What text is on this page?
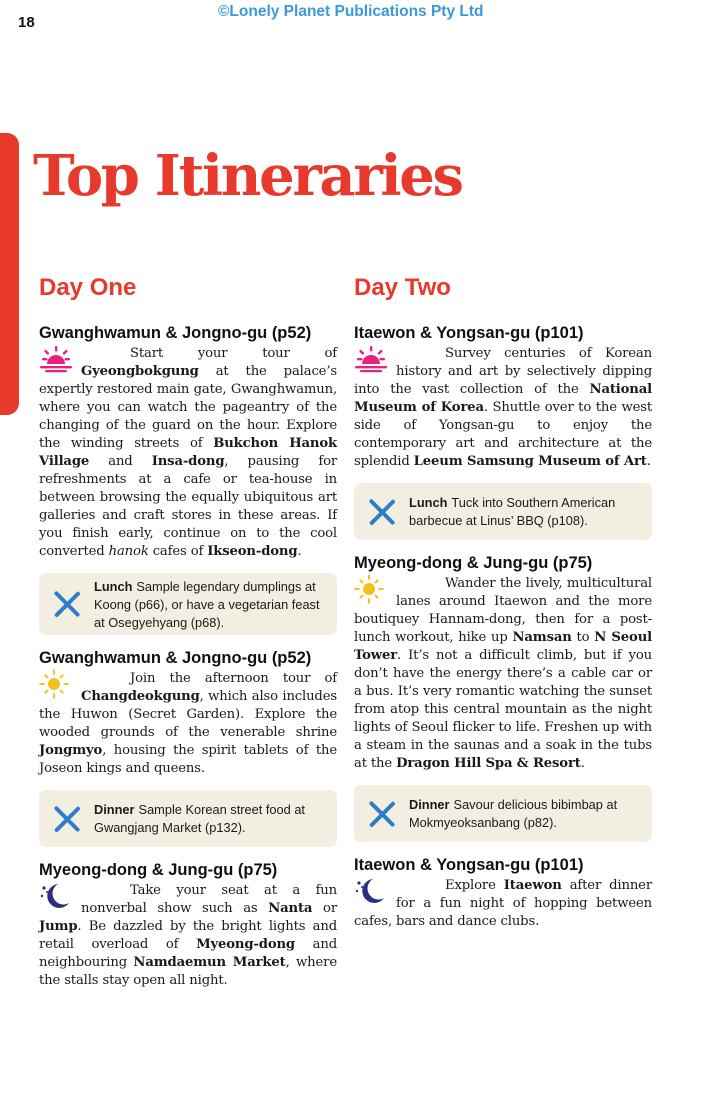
18
©Lonely Planet Publications Pty Ltd
Top Itineraries
Day One
Gwanghwamun & Jongno-gu (p52)

Start your tour of Gyeongbokgung at the palace’s expertly restored main gate, Gwanghwamun, where you can watch the pageantry of the changing of the guard on the hour. Explore the winding streets of Bukchon Hanok Village and Insa-dong, pausing for refreshments at a cafe or tea-house in between browsing the equally ubiquitous art galleries and craft stores in these areas. If you finish early, continue on to the cool converted hanok cafes of Ikseon-dong.

Lunch Sample legendary dumplings at Koong (p66), or have a vegetarian feast at Osegyehyang (p68).
Gwanghwamun & Jongno-gu (p52)

Join the afternoon tour of Changdeokgung, which also includes the Huwon (Secret Garden). Explore the wooded grounds of the venerable shrine Jongmyo, housing the spirit tablets of the Joseon kings and queens.

Dinner Sample Korean street food at Gwangjang Market (p132).
Myeong-dong & Jung-gu (p75)

Take your seat at a fun nonverbal show such as Nanta or Jump. Be dazzled by the bright lights and retail overload of Myeong-dong and neighbouring Namdaemun Market, where the stalls stay open all night.

Day Two
Itaewon & Yongsan-gu (p101)

Survey centuries of Korean history and art by selectively dipping into the vast collection of the National Museum of Korea. Shuttle over to the west side of Yongsan-gu to enjoy the contemporary art and architecture at the splendid Leeum Samsung Museum of Art.

Lunch Tuck into Southern American barbecue at Linus’ BBQ (p108).
Myeong-dong & Jung-gu (p75)

Wander the lively, multicultural lanes around Itaewon and the more boutiquey Hannam-dong, then for a post-lunch workout, hike up Namsan to N Seoul Tower. It’s not a difficult climb, but if you don’t have the energy there’s a cable car or a bus. It’s very romantic watching the sunset from atop this central mountain as the night lights of Seoul flicker to life. Freshen up with a steam in the saunas and a soak in the tubs at the Dragon Hill Spa & Resort.

Dinner Savour delicious bibimbap at Mokmyeoksanbang (p82).
Itaewon & Yongsan-gu (p101)

Explore Itaewon after dinner for a fun night of hopping between cafes, bars and dance clubs.
